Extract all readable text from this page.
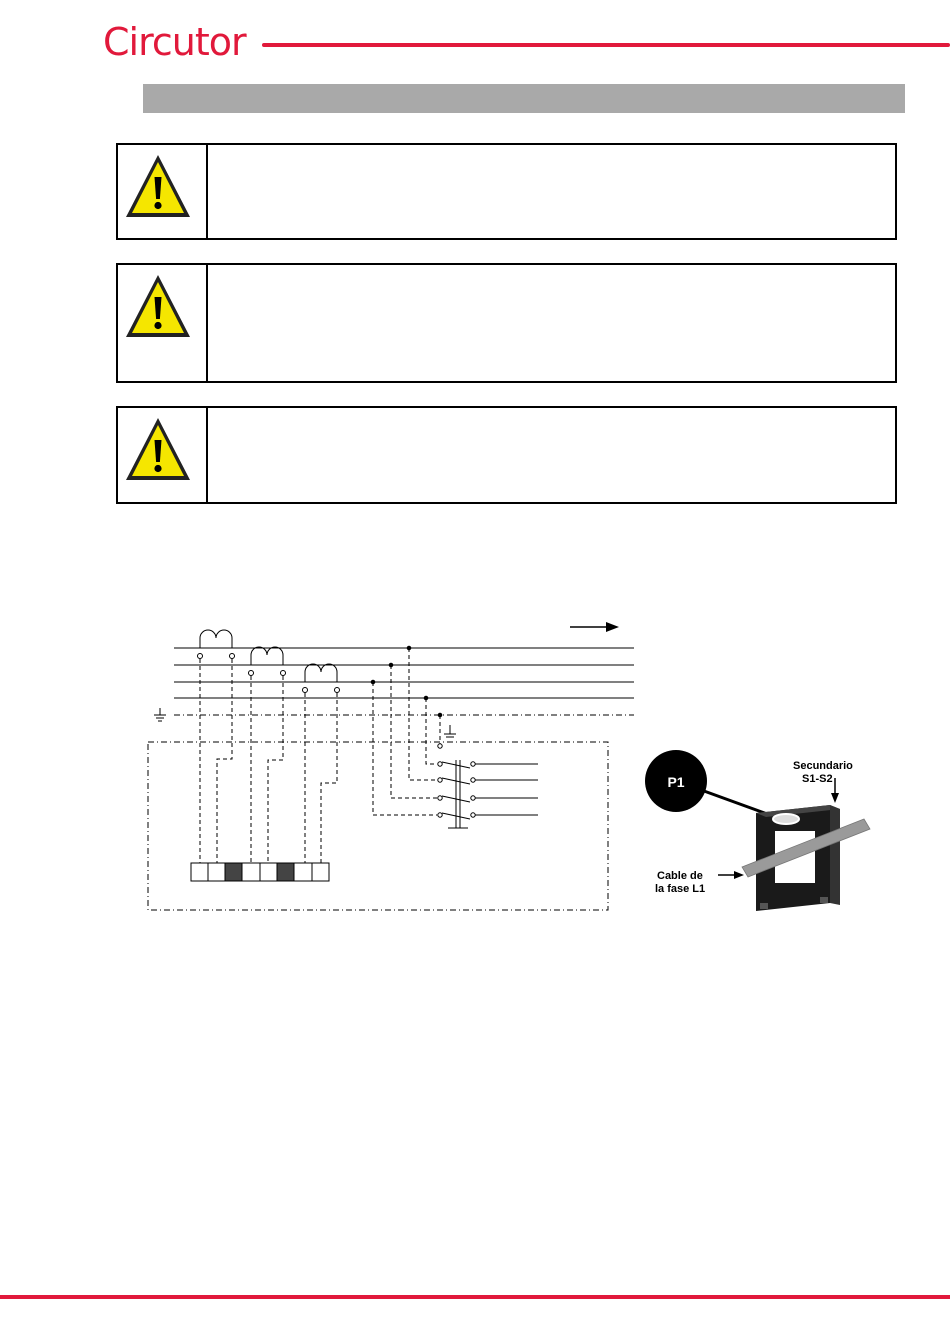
Circutor
P1
Secundario
S1-S2
Cable de
la fase L1
